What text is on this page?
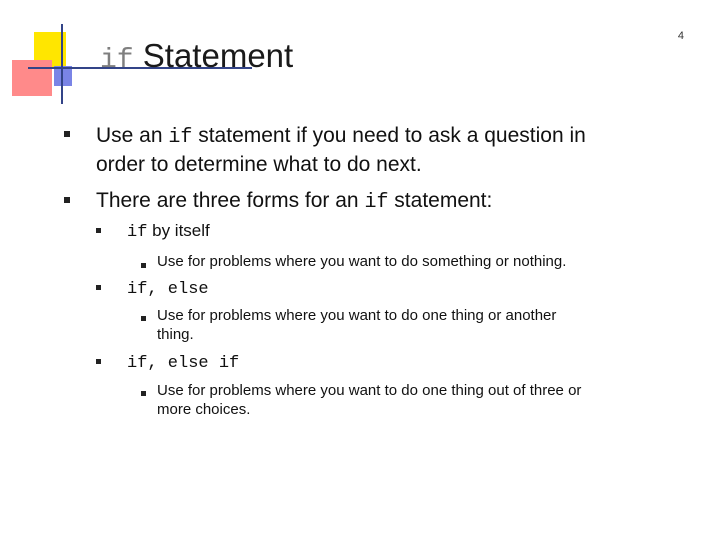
4
if Statement
Use an if statement if you need to ask a question in
order to determine what to do next.
There are three forms for an if statement:
if by itself
Use for problems where you want to do something or nothing.
if, else
Use for problems where you want to do one thing or another
thing.
if, else if
Use for problems where you want to do one thing out of three or
more choices.
